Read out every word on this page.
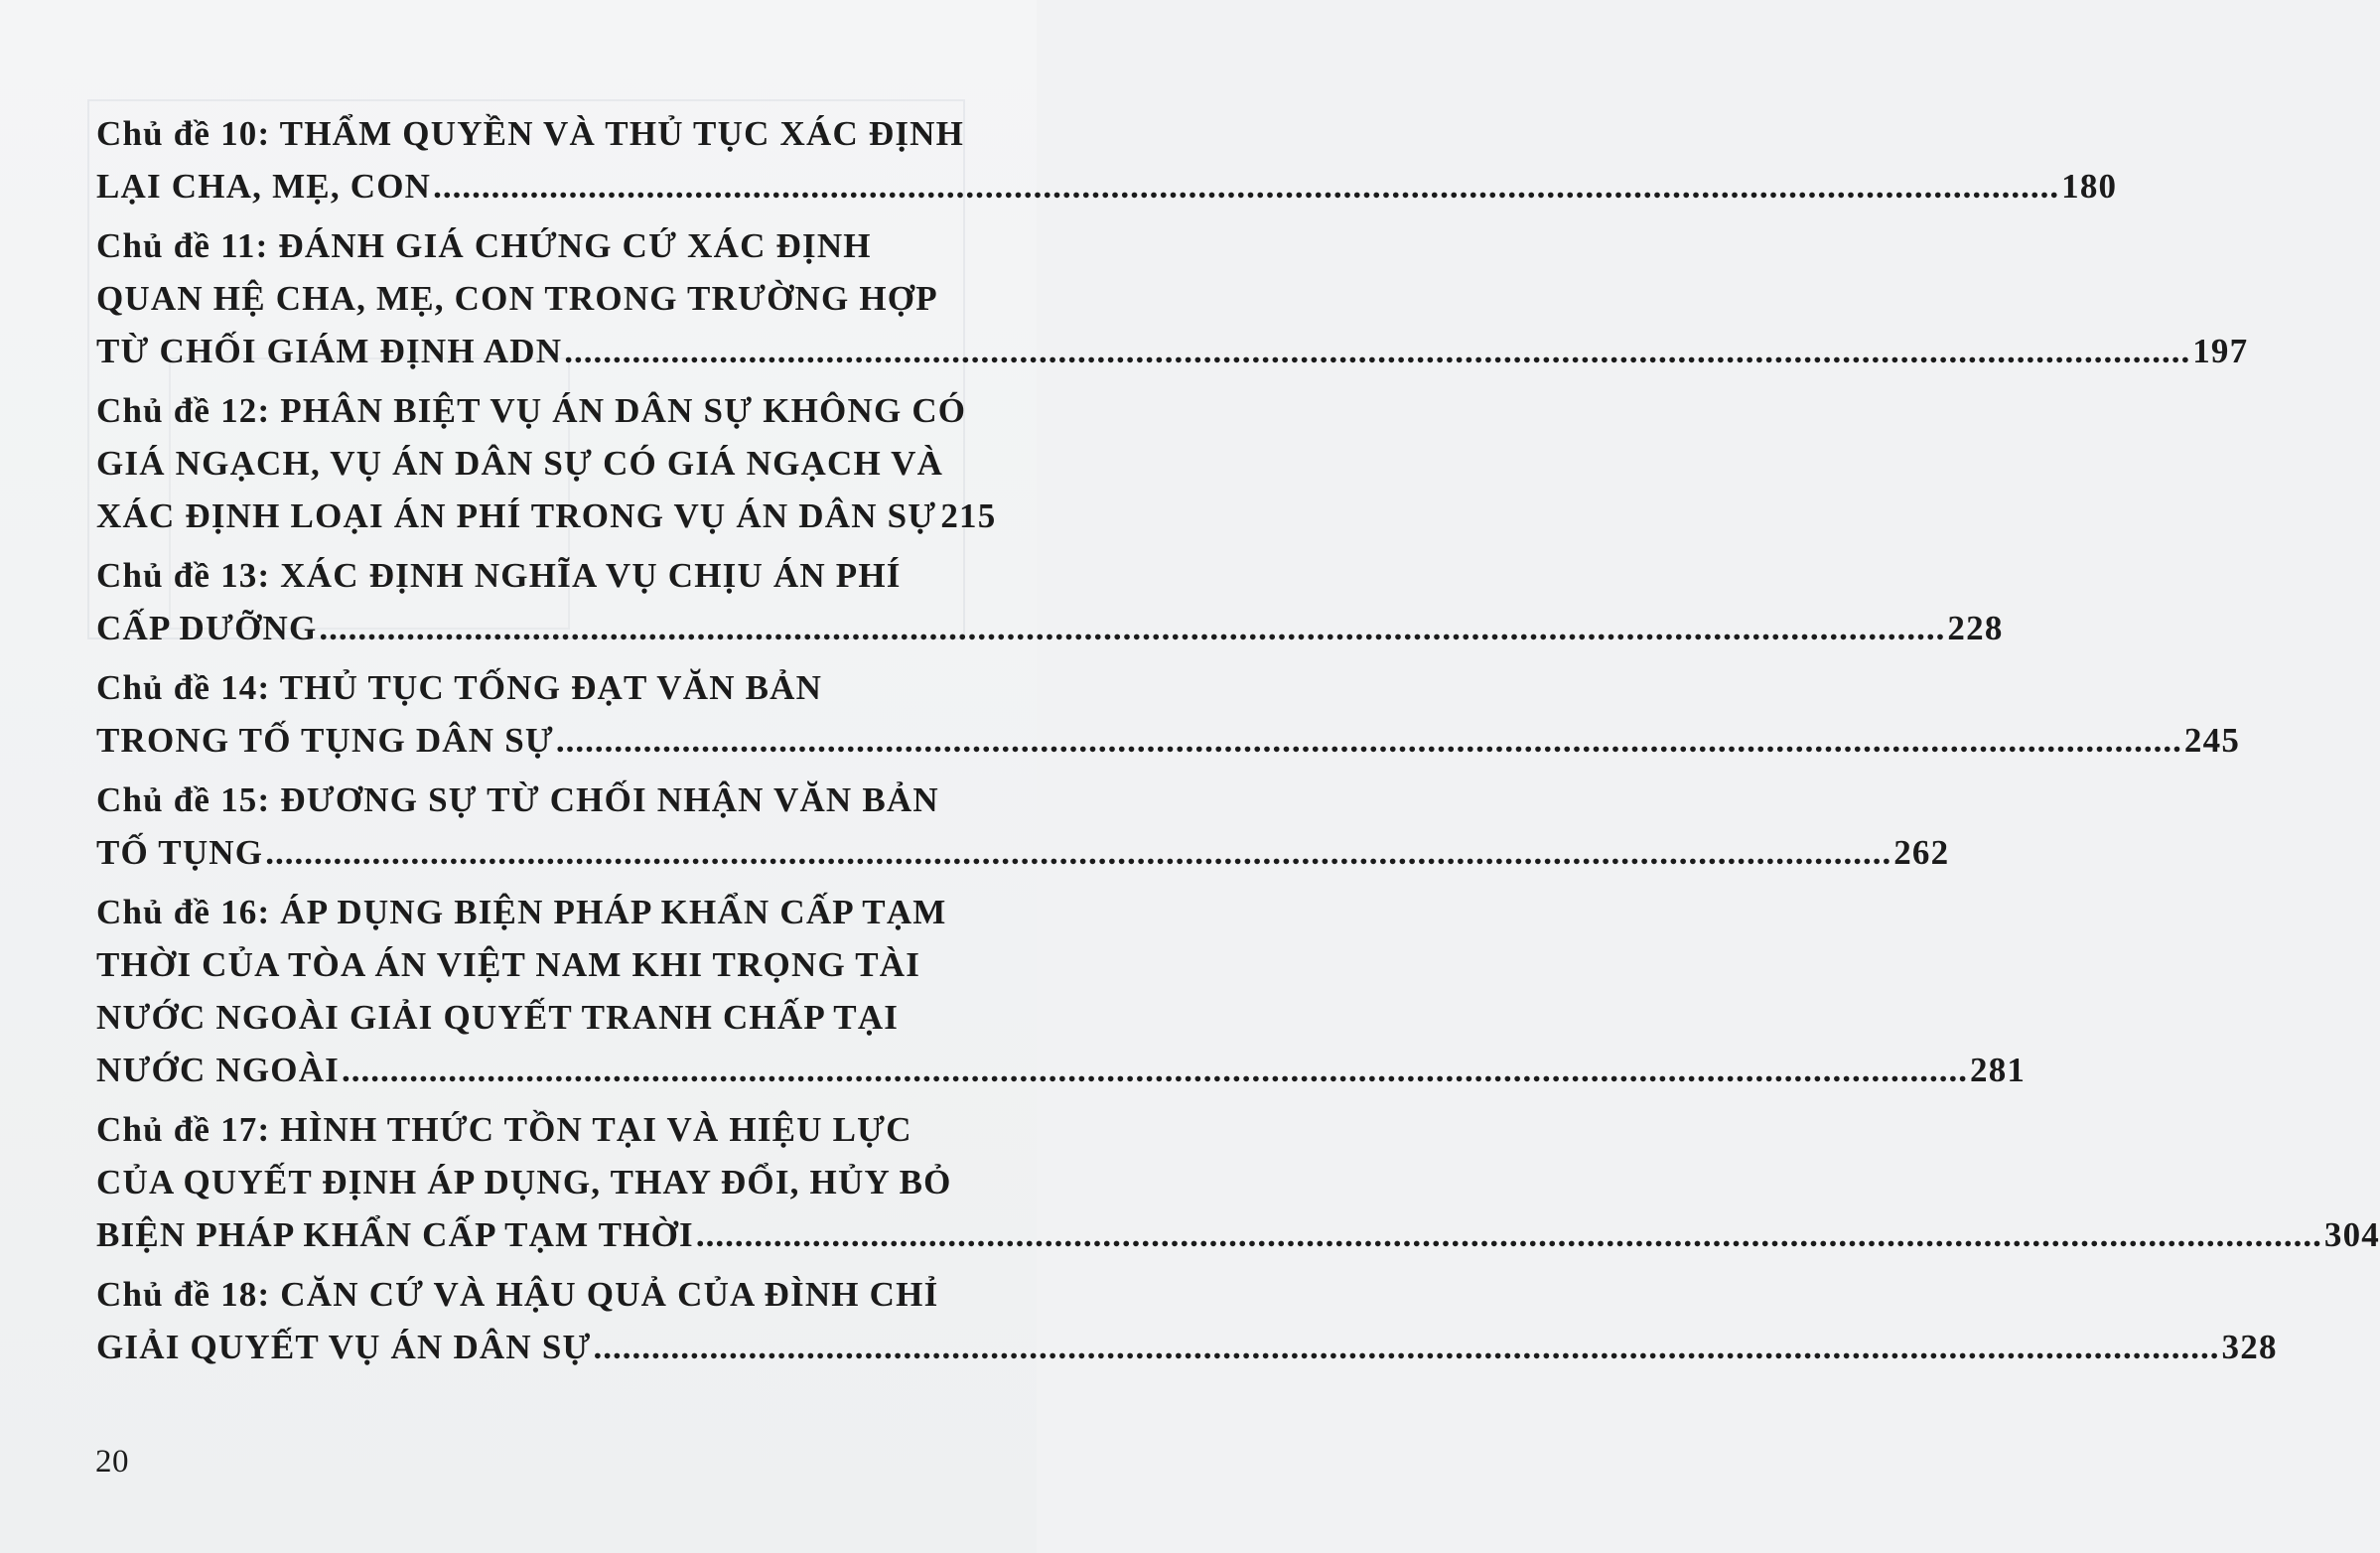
Chủ đề 10: THẨM QUYỀN VÀ THỦ TỤC XÁC ĐỊNH
LẠI CHA, MẸ, CON .....	180
Chủ đề 11: ĐÁNH GIÁ CHỨNG CỨ XÁC ĐỊNH
QUAN HỆ CHA, MẸ, CON TRONG TRƯỜNG HỢP
TỪ CHỐI GIÁM ĐỊNH ADN .....	197
Chủ đề 12: PHÂN BIỆT VỤ ÁN DÂN SỰ KHÔNG CÓ
GIÁ NGẠCH, VỤ ÁN DÂN SỰ CÓ GIÁ NGẠCH VÀ
XÁC ĐỊNH LOẠI ÁN PHÍ TRONG VỤ ÁN DÂN SỰ 215
Chủ đề 13: XÁC ĐỊNH NGHĨA VỤ CHỊU ÁN PHÍ
CẤP DƯỠNG .....	228
Chủ đề 14: THỦ TỤC TỐNG ĐẠT VĂN BẢN
TRONG TỐ TỤNG DÂN SỰ .....	245
Chủ đề 15: ĐƯƠNG SỰ TỪ CHỐI NHẬN VĂN BẢN
TỐ TỤNG .....	262
Chủ đề 16: ÁP DỤNG BIỆN PHÁP KHẨN CẤP TẠM
THỜI CỦA TÒA ÁN VIỆT NAM KHI TRỌNG TÀI
NƯỚC NGOÀI GIẢI QUYẾT TRANH CHẤP TẠI
NƯỚC NGOÀI .....	281
Chủ đề 17: HÌNH THỨC TỒN TẠI VÀ HIỆU LỰC
CỦA QUYẾT ĐỊNH ÁP DỤNG, THAY ĐỔI, HỦY BỎ
BIỆN PHÁP KHẨN CẤP TẠM THỜI .....	304
Chủ đề 18: CĂN CỨ VÀ HẬU QUẢ CỦA ĐÌNH CHỈ
GIẢI QUYẾT VỤ ÁN DÂN SỰ .....	328
20
